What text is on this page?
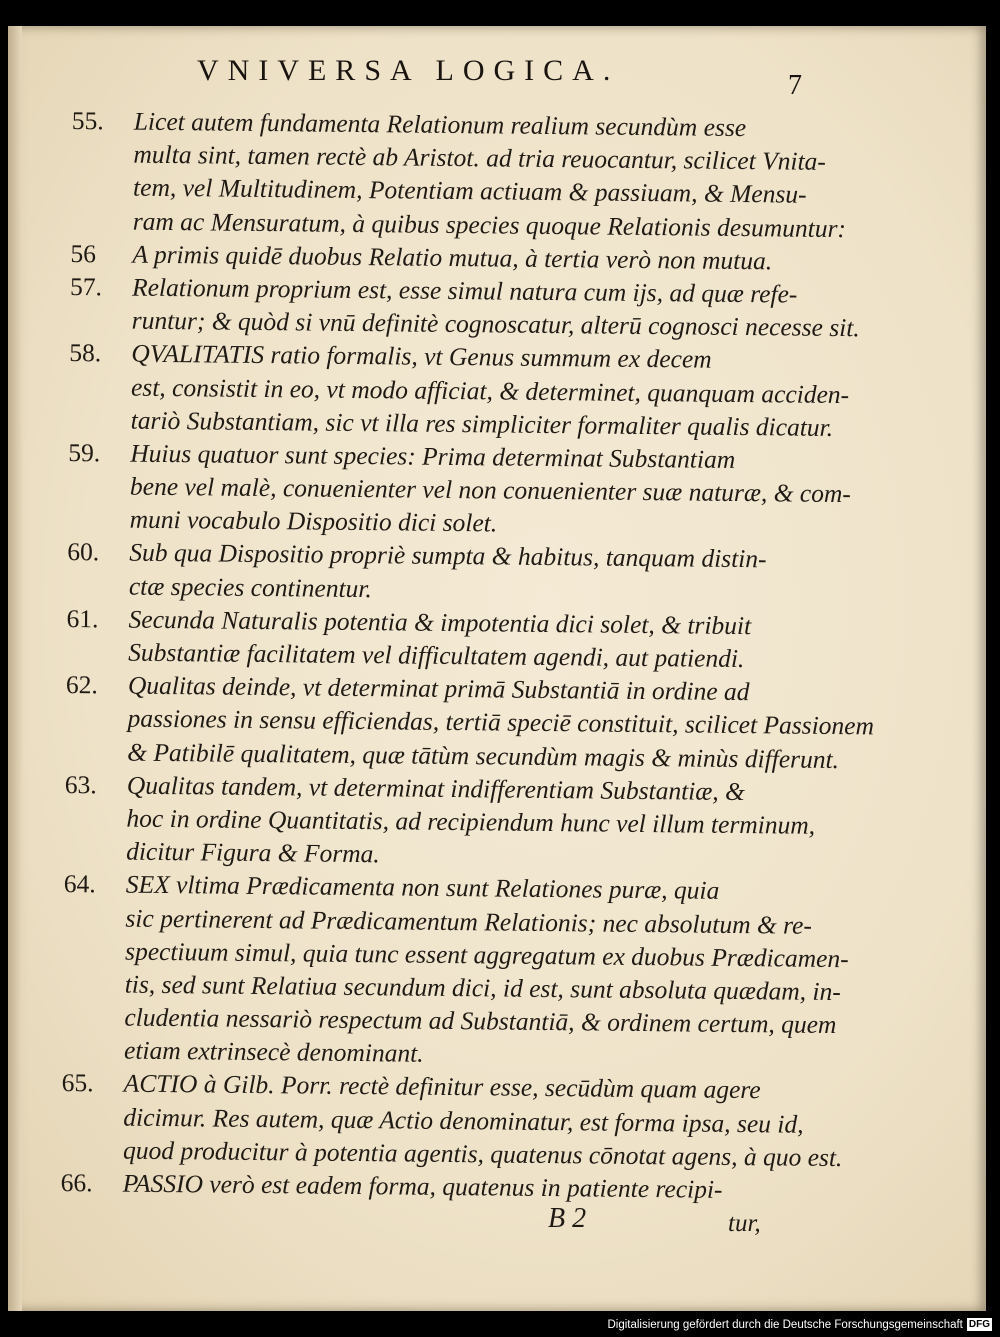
VNIVERSA LOGICA.	7
55. Licet autem fundamenta Relationum realium secundùm esse
multa sint, tamen rectè ab Aristot. ad tria reuocantur, scilicet Vnita-
tem, vel Multitudinem, Potentiam actiuam & passiuam, & Mensu-
ram ac Mensuratum, à quibus species quoque Relationis desumuntur:
56 A primis quidē duobus Relatio mutua, à tertia verò non mutua.
57. Relationum proprium est, esse simul natura cum ijs, ad quæ refe-
runtur; & quòd si vnū definitè cognoscatur, alterū cognosci necesse sit.
58. QVALITATIS ratio formalis, vt Genus summum ex decem
est, consistit in eo, vt modo afficiat, & determinet, quanquam acciden-
tariò Substantiam, sic vt illa res simpliciter formaliter qualis dicatur.
59. Huius quatuor sunt species: Prima determinat Substantiam
bene vel malè, conuenienter vel non conuenienter suæ naturæ, & com-
muni vocabulo Dispositio dici solet.
60. Sub qua Dispositio propriè sumpta & habitus, tanquam distin-
ctæ species continentur.
61. Secunda Naturalis potentia & impotentia dici solet, & tribuit
Substantiæ facilitatem vel difficultatem agendi, aut patiendi.
62. Qualitas deinde, vt determinat primā Substantiā in ordine ad
passiones in sensu efficiendas, tertiā speciē constituit, scilicet Passionem
& Patibilē qualitatem, quæ tātùm secundùm magis & minùs differunt.
63. Qualitas tandem, vt determinat indifferentiam Substantiæ, &
hoc in ordine Quantitatis, ad recipiendum hunc vel illum terminum,
dicitur Figura & Forma.
64. SEX vltima Prædicamenta non sunt Relationes puræ, quia
sic pertinerent ad Prædicamentum Relationis; nec absolutum & re-
spectiuum simul, quia tunc essent aggregatum ex duobus Prædicamen-
tis, sed sunt Relatiua secundum dici, id est, sunt absoluta quædam, in-
cludentia nessariò respectum ad Substantiā, & ordinem certum, quem
etiam extrinsecè denominant.
65. ACTIO à Gilb. Porr. rectè definitur esse, secūdùm quam agere
dicimur. Res autem, quæ Actio denominatur, est forma ipsa, seu id,
quod producitur à potentia agentis, quatenus cōnotat agens, à quo est.
66. PASSIO verò est eadem forma, quatenus in patiente recipi-
B 2	tur,
Digitalisierung gefördert durch die Deutsche Forschungsgemeinschaft DFG
